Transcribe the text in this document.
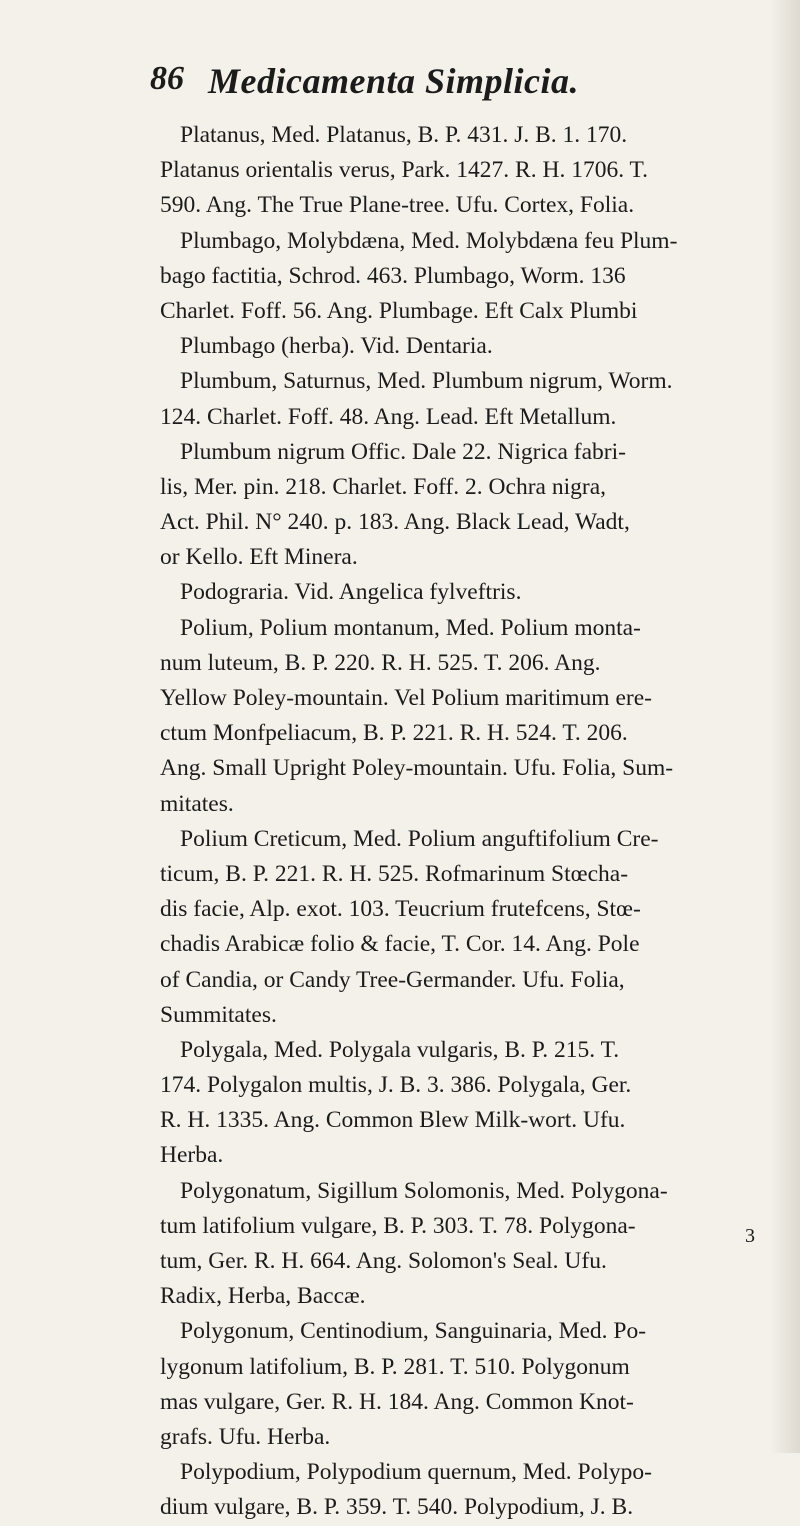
86 Medicamenta Simplicia.
Platanus, Med. Platanus, B. P. 431. J. B. 1. 170.
Platanus orientalis verus, Park. 1427. R. H. 1706. T.
590. Ang. The True Plane-tree. Ufu. Cortex, Folia.
Plumbago, Molybdæna, Med. Molybdæna feu Plum-
bago factitia, Schrod. 463. Plumbago, Worm. 136
Charlet. Foff. 56. Ang. Plumbage. Eft Calx Plumbi
Plumbago (herba). Vid. Dentaria.
Plumbum, Saturnus, Med. Plumbum nigrum, Worm.
124. Charlet. Foff. 48. Ang. Lead. Eft Metallum.
Plumbum nigrum Offic. Dale 22. Nigrica fabri-
lis, Mer. pin. 218. Charlet. Foff. 2. Ochra nigra,
Act. Phil. N° 240. p. 183. Ang. Black Lead, Wadt,
or Kello. Eft Minera.
Podograria. Vid. Angelica fylveftris.
Polium, Polium montanum, Med. Polium monta-
num luteum, B. P. 220. R. H. 525. T. 206. Ang.
Yellow Poley-mountain. Vel Polium maritimum ere-
ctum Monfpeliacum, B. P. 221. R. H. 524. T. 206.
Ang. Small Upright Poley-mountain. Ufu. Folia, Sum-
mitates.
Polium Creticum, Med. Polium anguftifolium Cre-
ticum, B. P. 221. R. H. 525. Rofmarinum Stœcha-
dis facie, Alp. exot. 103. Teucrium frutefcens, Stœ-
chadis Arabicæ folio & facie, T. Cor. 14. Ang. Pole
of Candia, or Candy Tree-Germander. Ufu. Folia,
Summitates.
Polygala, Med. Polygala vulgaris, B. P. 215. T.
174. Polygalon multis, J. B. 3. 386. Polygala, Ger.
R. H. 1335. Ang. Common Blew Milk-wort. Ufu.
Herba.
Polygonatum, Sigillum Solomonis, Med. Polygona-
tum latifolium vulgare, B. P. 303. T. 78. Polygona-
tum, Ger. R. H. 664. Ang. Solomon's Seal. Ufu.
Radix, Herba, Baccæ.
Polygonum, Centinodium, Sanguinaria, Med. Po-
lygonum latifolium, B. P. 281. T. 510. Polygonum
mas vulgare, Ger. R. H. 184. Ang. Common Knot-
grafs. Ufu. Herba.
Polypodium, Polypodium quernum, Med. Polypo-
dium vulgare, B. P. 359. T. 540. Polypodium, J. B.
3
